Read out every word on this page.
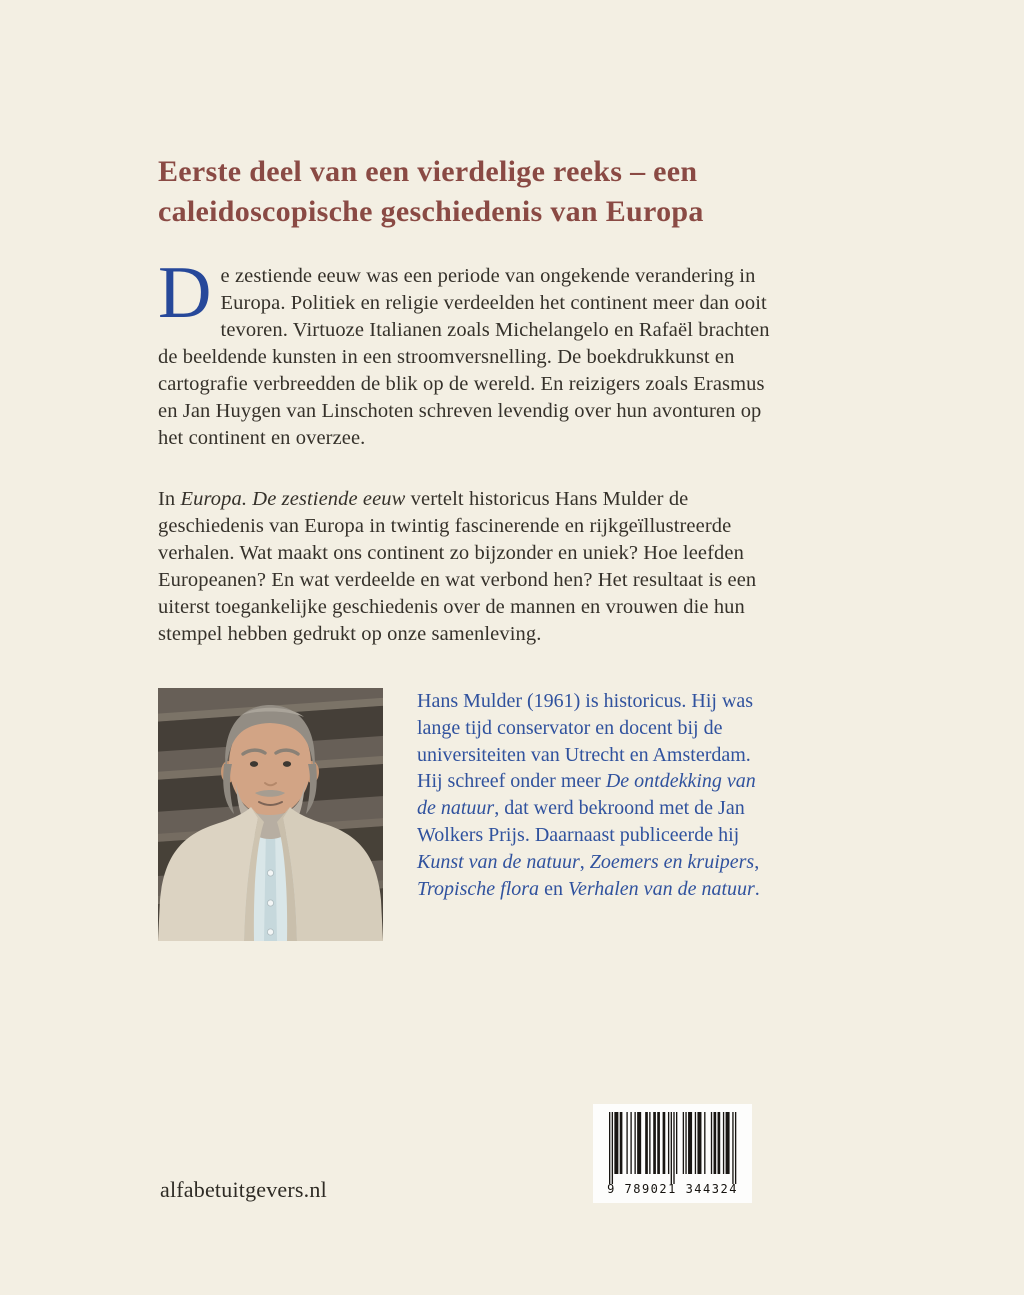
Eerste deel van een vierdelige reeks – een
caleidoscopische geschiedenis van Europa

De zestiende eeuw was een periode van ongekende verandering in Europa. Politiek en religie verdeelden het continent meer dan ooit tevoren. Virtuoze Italianen zoals Michelangelo en Rafaël brachten de beeldende kunsten in een stroomversnelling. De boekdrukkunst en cartografie verbreedden de blik op de wereld. En reizigers zoals Erasmus en Jan Huygen van Linschoten schreven levendig over hun avonturen op het continent en overzee.

In Europa. De zestiende eeuw vertelt historicus Hans Mulder de geschiedenis van Europa in twintig fascinerende en rijkgeïllustreerde verhalen. Wat maakt ons continent zo bijzonder en uniek? Hoe leefden Europeanen? En wat verdeelde en wat verbond hen? Het resultaat is een uiterst toegankelijke geschiedenis over de mannen en vrouwen die hun stempel hebben gedrukt op onze samenleving.

Hans Mulder (1961) is historicus. Hij was lange tijd conservator en docent bij de universiteiten van Utrecht en Amsterdam. Hij schreef onder meer De ontdekking van de natuur, dat werd bekroond met de Jan Wolkers Prijs. Daarnaast publiceerde hij Kunst van de natuur, Zoemers en kruipers, Tropische flora en Verhalen van de natuur.

alfabetuitgevers.nl	9 789021 344324
